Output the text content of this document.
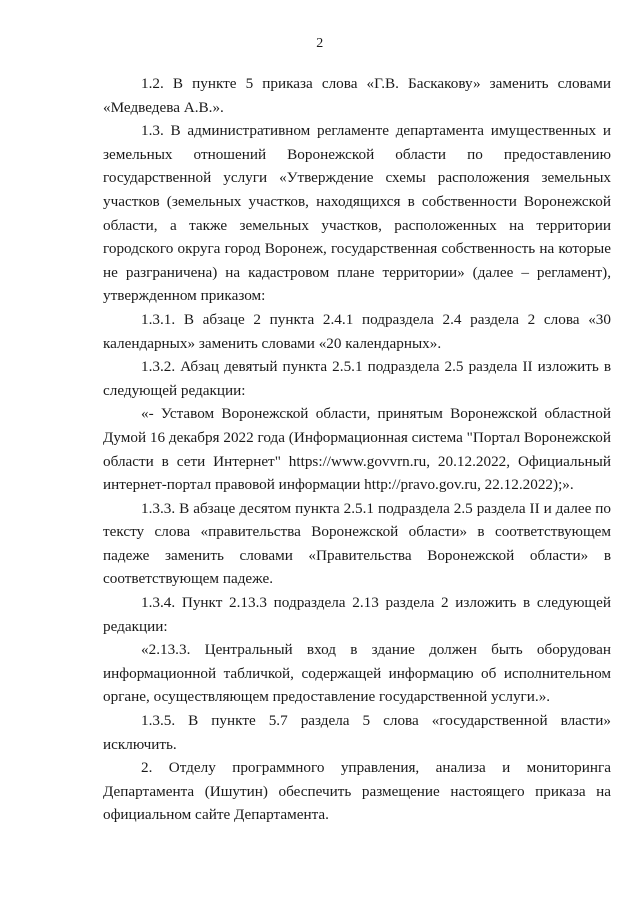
2

1.2. В пункте 5 приказа слова «Г.В. Баскакову» заменить словами «Медведева А.В.».

1.3. В административном регламенте департамента имущественных и земельных отношений Воронежской области по предоставлению государственной услуги «Утверждение схемы расположения земельных участков (земельных участков, находящихся в собственности Воронежской области, а также земельных участков, расположенных на территории городского округа город Воронеж, государственная собственность на которые не разграничена) на кадастровом плане территории» (далее – регламент), утвержденном приказом:

1.3.1. В абзаце 2 пункта 2.4.1 подраздела 2.4 раздела 2 слова «30 календарных» заменить словами «20 календарных».

1.3.2. Абзац девятый пункта 2.5.1 подраздела 2.5 раздела II изложить в следующей редакции:

«- Уставом Воронежской области, принятым Воронежской областной Думой 16 декабря 2022 года (Информационная система "Портал Воронежской области в сети Интернет" https://www.govvrn.ru, 20.12.2022, Официальный интернет-портал правовой информации http://pravo.gov.ru, 22.12.2022);».

1.3.3. В абзаце десятом пункта 2.5.1 подраздела 2.5 раздела II и далее по тексту слова «правительства Воронежской области» в соответствующем падеже заменить словами «Правительства Воронежской области» в соответствующем падеже.

1.3.4. Пункт 2.13.3 подраздела 2.13 раздела 2 изложить в следующей редакции:

«2.13.3. Центральный вход в здание должен быть оборудован информационной табличкой, содержащей информацию об исполнительном органе, осуществляющем предоставление государственной услуги.».

1.3.5. В пункте 5.7 раздела 5 слова «государственной власти» исключить.

2. Отделу программного управления, анализа и мониторинга Департамента (Ишутин) обеспечить размещение настоящего приказа на официальном сайте Департамента.
